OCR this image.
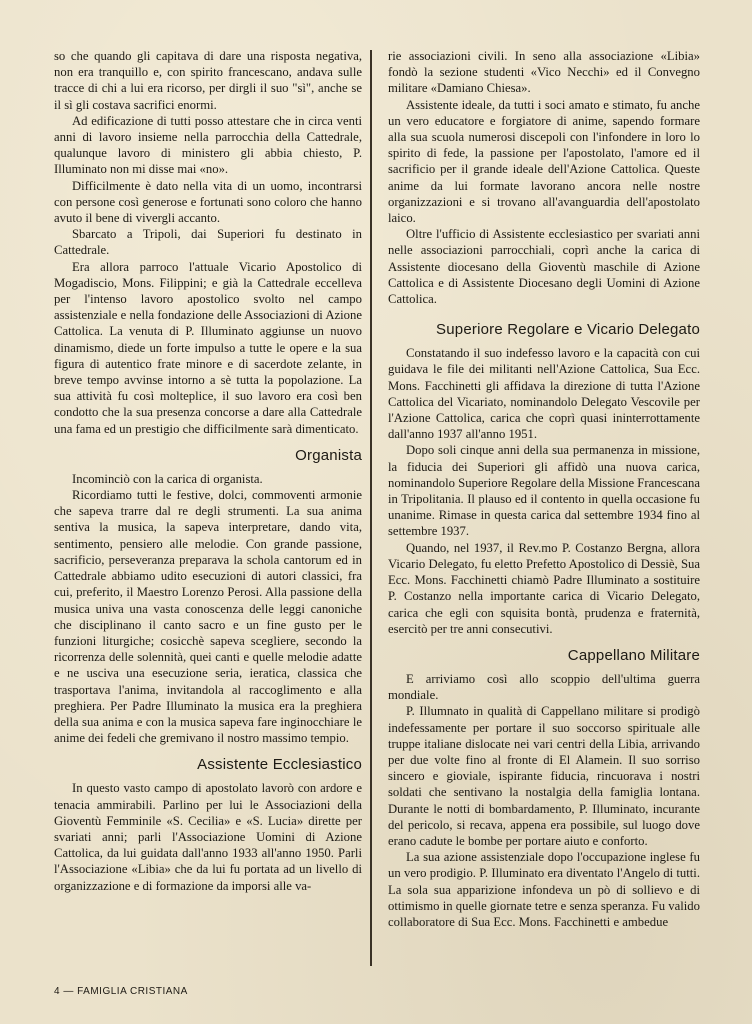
so che quando gli capitava di dare una risposta negativa, non era tranquillo e, con spirito francescano, andava sulle tracce di chi a lui era ricorso, per dirgli il suo "sì", anche se il sì gli costava sacrifici enormi.

Ad edificazione di tutti posso attestare che in circa venti anni di lavoro insieme nella parrocchia della Cattedrale, qualunque lavoro di ministero gli abbia chiesto, P. Illuminato non mi disse mai «no».

Difficilmente è dato nella vita di un uomo, incontrarsi con persone così generose e fortunati sono coloro che hanno avuto il bene di vivergli accanto.

Sbarcato a Tripoli, dai Superiori fu destinato in Cattedrale.

Era allora parroco l'attuale Vicario Apostolico di Mogadiscio, Mons. Filippini; e già la Cattedrale eccelleva per l'intenso lavoro apostolico svolto nel campo assistenziale e nella fondazione delle Associazioni di Azione Cattolica. La venuta di P. Illuminato aggiunse un nuovo dinamismo, diede un forte impulso a tutte le opere e la sua figura di autentico frate minore e di sacerdote zelante, in breve tempo avvinse intorno a sè tutta la popolazione. La sua attività fu così molteplice, il suo lavoro era così ben condotto che la sua presenza concorse a dare alla Cattedrale una fama ed un prestigio che difficilmente sarà dimenticato.

Organista

Incominciò con la carica di organista.

Ricordiamo tutti le festive, dolci, commoventi armonie che sapeva trarre dal re degli strumenti. La sua anima sentiva la musica, la sapeva interpretare, dando vita, sentimento, pensiero alle melodie. Con grande passione, sacrificio, perseveranza preparava la schola cantorum ed in Cattedrale abbiamo udito esecuzioni di autori classici, fra cui, preferito, il Maestro Lorenzo Perosi. Alla passione della musica univa una vasta conoscenza delle leggi canoniche che disciplinano il canto sacro e un fine gusto per le funzioni liturgiche; cosicchè sapeva scegliere, secondo la ricorrenza delle solennità, quei canti e quelle melodie adatte e ne usciva una esecuzione seria, ieratica, classica che trasportava l'anima, invitandola al raccoglimento e alla preghiera. Per Padre Illuminato la musica era la preghiera della sua anima e con la musica sapeva fare inginocchiare le anime dei fedeli che gremivano il nostro massimo tempio.

Assistente Ecclesiastico

In questo vasto campo di apostolato lavorò con ardore e tenacia ammirabili. Parlino per lui le Associazioni della Gioventù Femminile «S. Cecilia» e «S. Lucia» dirette per svariati anni; parli l'Associazione Uomini di Azione Cattolica, da lui guidata dall'anno 1933 all'anno 1950. Parli l'Associazione «Libia» che da lui fu portata ad un livello di organizzazione e di formazione da imporsi alle va-

rie associazioni civili. In seno alla associazione «Libia» fondò la sezione studenti «Vico Necchi» ed il Convegno militare «Damiano Chiesa».

Assistente ideale, da tutti i soci amato e stimato, fu anche un vero educatore e forgiatore di anime, sapendo formare alla sua scuola numerosi discepoli con l'infondere in loro lo spirito di fede, la passione per l'apostolato, l'amore ed il sacrificio per il grande ideale dell'Azione Cattolica. Queste anime da lui formate lavorano ancora nelle nostre organizzazioni e si trovano all'avanguardia dell'apostolato laico.

Oltre l'ufficio di Assistente ecclesiastico per svariati anni nelle associazioni parrocchiali, coprì anche la carica di Assistente diocesano della Gioventù maschile di Azione Cattolica e di Assistente Diocesano degli Uomini di Azione Cattolica.

Superiore Regolare e Vicario Delegato

Constatando il suo indefesso lavoro e la capacità con cui guidava le file dei militanti nell'Azione Cattolica, Sua Ecc. Mons. Facchinetti gli affidava la direzione di tutta l'Azione Cattolica del Vicariato, nominandolo Delegato Vescovile per l'Azione Cattolica, carica che coprì quasi ininterrottamente dall'anno 1937 all'anno 1951.

Dopo soli cinque anni della sua permanenza in missione, la fiducia dei Superiori gli affidò una nuova carica, nominandolo Superiore Regolare della Missione Francescana in Tripolitania. Il plauso ed il contento in quella occasione fu unanime. Rimase in questa carica dal settembre 1934 fino al settembre 1937.

Quando, nel 1937, il Rev.mo P. Costanzo Bergna, allora Vicario Delegato, fu eletto Prefetto Apostolico di Dessiè, Sua Ecc. Mons. Facchinetti chiamò Padre Illuminato a sostituire P. Costanzo nella importante carica di Vicario Delegato, carica che egli con squisita bontà, prudenza e fraternità, esercitò per tre anni consecutivi.

Cappellano Militare

E arriviamo così allo scoppio dell'ultima guerra mondiale.

P. Illumnato in qualità di Cappellano militare si prodigò indefessamente per portare il suo soccorso spirituale alle truppe italiane dislocate nei vari centri della Libia, arrivando per due volte fino al fronte di El Alamein. Il suo sorriso sincero e gioviale, ispirante fiducia, rincuorava i nostri soldati che sentivano la nostalgia della famiglia lontana. Durante le notti di bombardamento, P. Illuminato, incurante del pericolo, si recava, appena era possibile, sul luogo dove erano cadute le bombe per portare aiuto e conforto.

La sua azione assistenziale dopo l'occupazione inglese fu un vero prodigio. P. Illuminato era diventato l'Angelo di tutti. La sola sua apparizione infondeva un pò di sollievo e di ottimismo in quelle giornate tetre e senza speranza. Fu valido collaboratore di Sua Ecc. Mons. Facchinetti e ambedue

4 — FAMIGLIA CRISTIANA
